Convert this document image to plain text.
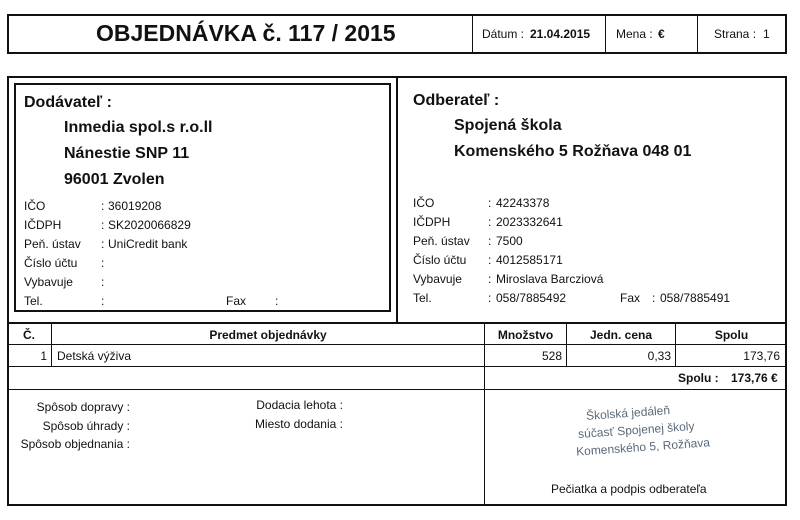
OBJEDNÁVKA č. 117 / 2015	Dátum : 21.04.2015 Mena : €	Strana : 1
Dodávateľ :
Inmedia spol.s r.o.ll
Nánestie SNP 11
96001 Zvolen
IČO	: 36019208
IČDPH	: SK2020066829
Peň. ústav : UniCredit bank
Číslo účtu :
Vybavuje :
Tel.	:	Fax :
Odberateľ :
Spojená škola
Komenského 5 Rožňava 048 01
IČO	: 42243378
IČDPH	: 2023332641
Peň. ústav : 7500
Číslo účtu : 4012585171
Vybavuje : Miroslava Barcziová
Tel.	: 058/7885492	Fax : 058/7885491
Č.	Predmet objednávky	Množstvo	Jedn. cena	Spolu
1 Detská výživa	528	0,33	173,76
Spolu : 173,76 €
Spôsob dopravy :
Spôsob úhrady :
Spôsob objednania :
Dodacia lehota :
Miesto dodania :
Školská jedáleň
súčasť Spojenej školy
Komenského 5, Rožňava
Pečiatka a podpis odberateľa
